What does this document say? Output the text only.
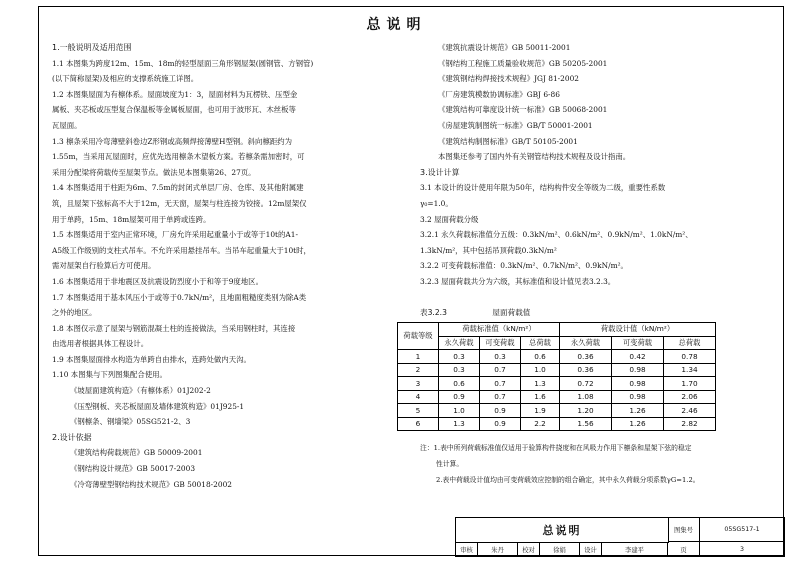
总说明

1.一般说明及适用范围

1.1 本图集为跨度12m、15m、18m的轻型屋面三角形钢屋架(圆钢管、方钢管)

(以下简称屋架)及相应的支撑系统施工详图。

1.2 本图集屋面为有檩体系。屋面坡度为1：3，屋面材料为瓦楞铁、压型金

属板、夹芯板或压型复合保温板等金属板屋面，也可用于波形瓦、木丝板等

瓦屋面。

1.3 檩条采用冷弯薄壁斜卷边Z形钢或高频焊接薄壁H型钢。斜向檩距约为

1.55m，当采用瓦屋面时，应优先选用檩条木望板方案。若檩条需加密时，可

采用分配梁将荷载传至屋架节点。做法见本图集第26、27页。

1.4 本图集适用于柱距为6m、7.5m的封闭式单层厂房、仓库、及其他附属建

筑，且屋架下弦标高不大于12m，无天窗，屋架与柱连接为铰接。12m屋架仅

用于单跨，15m、18m屋架可用于单跨或连跨。

1.5 本图集适用于室内正常环境，厂房允许采用起重量小于或等于10t的A1-

A5级工作级别的支柱式吊车。不允许采用悬挂吊车。当吊车起重量大于10t时，

需对屋架自行验算后方可使用。

1.6 本图集适用于非地震区及抗震设防烈度小于和等于9度地区。

1.7 本图集适用于基本风压小于或等于0.7kN/m²，且地面粗糙度类别为除A类

之外的地区。

1.8 本图仅示意了屋架与钢筋混凝土柱的连接做法，当采用钢柱时，其连接

由选用者根据具体工程设计。

1.9 本图集屋面排水构造为单跨自由排水，连跨处做内天沟。

1.10 本图集与下列图集配合使用。

《坡屋面建筑构造》（有檩体系）01J202-2

《压型钢板、夹芯板屋面及墙体建筑构造》01J925-1

《钢檩条、钢墙梁》05SG521-2、3

2.设计依据

《建筑结构荷载规范》GB 50009-2001

《钢结构设计规范》GB 50017-2003

《冷弯薄壁型钢结构技术规范》GB 50018-2002

《建筑抗震设计规范》GB 50011-2001

《钢结构工程施工质量验收规范》GB 50205-2001

《建筑钢结构焊接技术规程》JGJ 81-2002

《厂房建筑模数协调标准》GBJ 6-86

《建筑结构可靠度设计统一标准》GB 50068-2001

《房屋建筑制图统一标准》GB/T 50001-2001

《建筑结构制图标准》GB/T 50105-2001

本图集还参考了国内外有关钢管结构技术规程及设计指南。

3.设计计算

3.1 本设计的设计使用年限为50年，结构构件安全等级为二级，重要性系数

γ₀=1.0。

3.2 屋面荷载分级

3.2.1 永久荷载标准值分五级：0.3kN/m²、0.6kN/m²、0.9kN/m²、1.0kN/m²、

1.3kN/m²，其中包括吊顶荷载0.3kN/m²

3.2.2 可变荷载标准值：0.3kN/m²、0.7kN/m²、0.9kN/m²。

3.2.3 屋面荷载共分为六级，其标准值和设计值见表3.2.3。

表3.2.3	屋面荷载值
荷载等级	荷载标准值（kN/m²）			荷载设计值（kN/m²）		
	永久荷载	可变荷载	总荷载	永久荷载	可变荷载	总荷载
1	0.3	0.3	0.6	0.36	0.42	0.78
2	0.3	0.7	1.0	0.36	0.98	1.34
3	0.6	0.7	1.3	0.72	0.98	1.70
4	0.9	0.7	1.6	1.08	0.98	2.06
5	1.0	0.9	1.9	1.20	1.26	2.46
6	1.3	0.9	2.2	1.56	1.26	2.82

注：1.表中所列荷载标准值仅适用于验算构件挠度和在风吸力作用下檩条和屋架下弦的稳定

性计算。

2.表中荷载设计值均由可变荷载效应控制的组合确定，其中永久荷载分项系数γG=1.2。

总说明	图集号	05SG517-1
审核	朱丹	校对	徐娟	设计	李建平	页	3
